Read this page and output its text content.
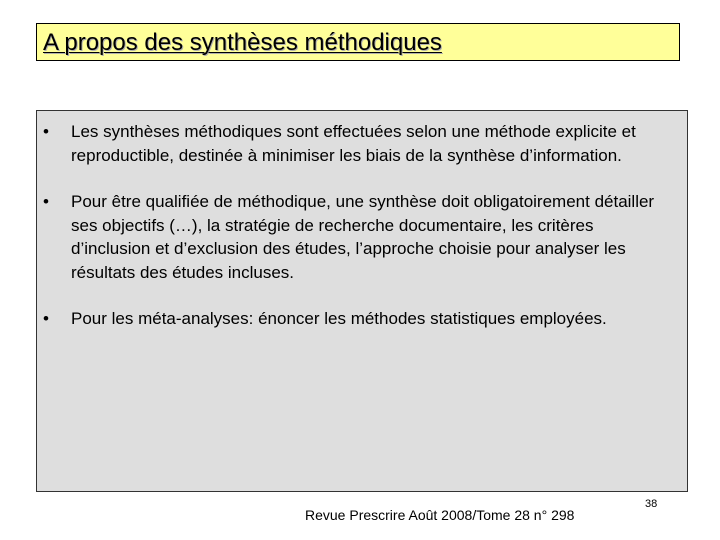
A propos des synthèses méthodiques
• Les synthèses méthodiques sont effectuées selon une méthode explicite et reproductible, destinée à minimiser les biais de la synthèse d’information.
• Pour être qualifiée de méthodique, une synthèse doit obligatoirement détailler ses objectifs (…), la stratégie de recherche documentaire, les critères d’inclusion et d’exclusion des études, l’approche choisie pour analyser les résultats des études incluses.
• Pour les méta-analyses: énoncer les méthodes statistiques employées.
Revue Prescrire Août 2008/Tome 28 n° 298
38
